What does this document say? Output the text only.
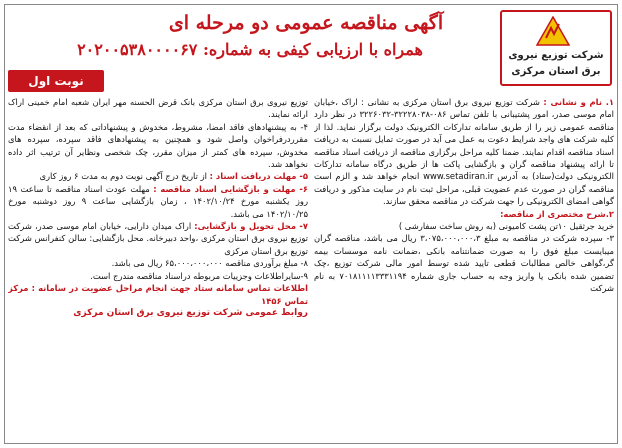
شرکت توزیع نیروی
برق استان مرکزی
آگهی مناقصه عمومی دو مرحله ای
همراه با ارزیابی کیفی به شماره: ۲۰۲۰۰۵۳۸۰۰۰۰۶۷
نوبت اول

۱. نام و نشانی : شرکت توزیع نیروی برق استان مرکزی به نشانی : اراک ،خیابان امام موسی صدر، امور پشتیبانی با تلفن تماس ۰۸۶-۳۲۲۲۸۰۳۸-۳۲۲۶۰۳۲ در نظر دارد مناقصه عمومی زیر را از طریق سامانه تدارکات الکترونیک دولت برگزار نماید. لذا از کلیه شرکت های واجد شرایط دعوت به عمل می آید در صورت تمایل نسبت به دریافت اسناد مناقصه اقدام نمایند. ضمنا کلیه مراحل برگزاری مناقصه از دریافت اسناد مناقصه تا ارائه پیشنهاد مناقصه گران و بازگشایی پاکت ها از طریق درگاه سامانه تدارکات الکترونیکی دولت(ستاد) به آدرس www.setadiran.ir انجام خواهد شد و الزم است مناقصه گران در صورت عدم عضویت قبلی، مراحل ثبت نام در سایت مذکور و دریافت گواهی امضای الکترونیکی را جهت شرکت در مناقصه محقق سازند.

۲.شرح مختصری از مناقصه:

خرید جرثقیل ۱۰تن پشت کامیونی (به روش ساخت سفارشی )

۳- سپرده شرکت در مناقصه به مبلغ ۳،۰۷۵،۰۰۰،۰۰۰،۳ ریال می باشد، مناقصه گران میبایست مبلغ فوق را به صورت ضمانتنامه بانکی ،ضمانت نامه موسسات بیمه گر،گواهی خالص مطالبات قطعی تایید شده توسط امور مالی شرکت توزیع ،چک تضمین شده بانکی یا واریز وجه به حساب جاری شماره ۷۰۱۸۱۱۱۱۳۳۳۱۱۹۴ به نام شرکت

توزیع نیروی برق استان مرکزی بانک قرض الحسنه مهر ایران شعبه امام خمینی اراک ارائه نمایند.

۴- به پیشنهادهای فاقد امضا، مشروط، مخدوش و پیشنهاداتی که بعد از انقضاء مدت مقرردرفراخوان واصل شود و همچنین به پیشنهادهای فاقد سپرده، سپرده های مخدوش، سپرده های کمتر از میزان مقرر، چک شخصی ونظایر آن ترتیب اثر داده نخواهد شد.

۵- مهلت دریافت اسناد : از تاریخ درج آگهی نوبت دوم به مدت ۶ روز کاری

۶- مهلت و بازگشایی اسناد مناقصه : مهلت عودت اسناد مناقصه تا ساعت ۱۹ روز یکشنبه مورخ ۱۴۰۲/۱۰/۲۴ ، زمان بازگشایی ساعت ۹ روز دوشنبه مورخ ۱۴۰۲/۱۰/۲۵ می باشد.

۷- محل تحویل و بازگشایی: اراک میدان دارایی، خیابان امام موسی صدر، شرکت توزیع نیروی برق استان مرکزی ،واحد دبیرخانه. محل بازگشایی: سالن کنفرانس شرکت توزیع برق استان مرکزی

۸- مبلغ برآوردی مناقصه ۶۵،۰۰۰،۰۰۰،۰۰۰ ریال می باشد.

۹-سایراطلاعات وجزییات مربوطه دراسناد مناقصه مندرج است.

اطلاعات تماس سامانه ستاد جهت انجام مراحل عضویت در سامانه : مرکز تماس ۱۴۵۶

روابط عمومی شرکت توزیع نیروی برق استان مرکزی
